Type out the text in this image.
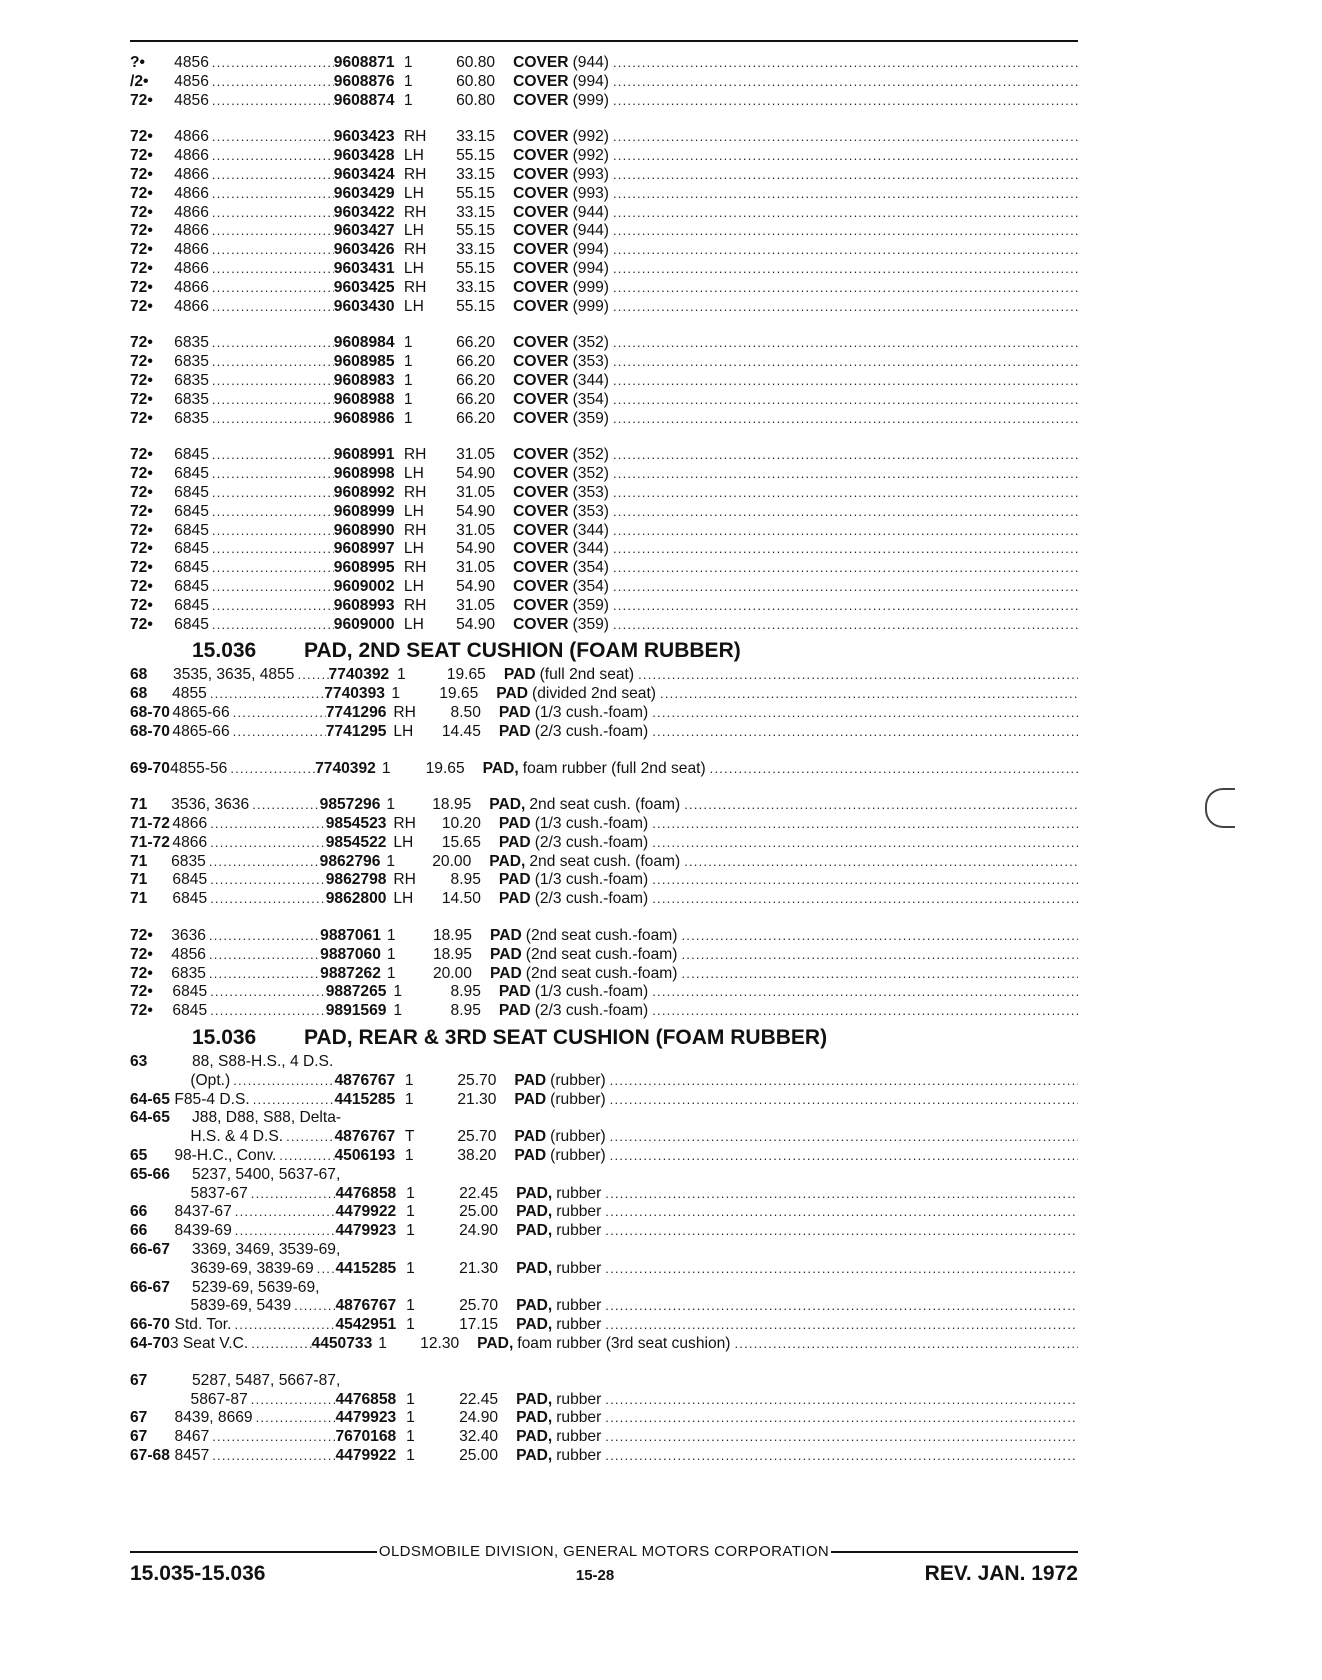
?•	4856 .....	9608871 1	60.80	COVER (944)
.....
/2•	4856 .....	9608876 1	60.80	COVER (994)
.....
72•	4856 .....	9608874 1	60.80	COVER (999)
.....
72•	4866 .....	9603423 RH	33.15	COVER (992)
.....
72•	4866 .....	9603428 LH	55.15	COVER (992)
.....
72•	4866 .....	9603424 RH	33.15	COVER (993)
.....
72•	4866 .....	9603429 LH	55.15	COVER (993)
.....
72•	4866 .....	9603422 RH	33.15	COVER (944)
.....
72•	4866 .....	9603427 LH	55.15	COVER (944)
.....
72•	4866 .....	9603426 RH	33.15	COVER (994)
.....
72•	4866 .....	9603431 LH	55.15	COVER (994)
.....
72•	4866 .....	9603425 RH	33.15	COVER (999)
.....
72•	4866 .....	9603430 LH	55.15	COVER (999)
.....
72•	6835 .....	9608984 1	66.20	COVER (352)
.....
72•	6835 .....	9608985 1	66.20	COVER (353)
.....
72•	6835 .....	9608983 1	66.20	COVER (344)
.....
72•	6835 .....	9608988 1	66.20	COVER (354)
.....
72•	6835 .....	9608986 1	66.20	COVER (359)
.....
72•	6845 .....	9608991 RH	31.05	COVER (352)
.....
72•	6845 .....	9608998 LH	54.90	COVER (352)
.....
72•	6845 .....	9608992 RH	31.05	COVER (353)
.....
72•	6845 .....	9608999 LH	54.90	COVER (353)
.....
72•	6845 .....	9608990 RH	31.05	COVER (344)
.....
72•	6845 .....	9608997 LH	54.90	COVER (344)
.....
72•	6845 .....	9608995 RH	31.05	COVER (354)
.....
72•	6845 .....	9609002 LH	54.90	COVER (354)
.....
72•	6845 .....	9608993 RH	31.05	COVER (359)
.....
72•	6845 .....	9609000 LH	54.90	COVER (359)
.....
15.036	PAD, 2ND SEAT CUSHION (FOAM RUBBER)
68	3535, 3635, 4855 ..... 7740392 1	19.65	PAD (full 2nd seat)
.....
68	4855 .....	7740393 1	19.65	PAD (divided 2nd seat)
.....
68-70 4865-66 .....	7741296 RH	8.50	PAD (1/3 cush.-foam)
.....
68-70 4865-66 .....	7741295 LH	14.45	PAD (2/3 cush.-foam)
.....
69-70 4855-56 .....	7740392 1	19.65	PAD, foam rubber (full 2nd seat)
.....
71	3536, 3636 .....	9857296 1	18.95	PAD, 2nd seat cush. (foam)
.....
71-72 4866 .....	9854523 RH	10.20	PAD (1/3 cush.-foam)
.....
71-72 4866 .....	9854522 LH	15.65	PAD (2/3 cush.-foam)
.....
71	6835 .....	9862796 1	20.00	PAD, 2nd seat cush. (foam)
.....
71	6845 .....	9862798 RH	8.95	PAD (1/3 cush.-foam)
.....
71	6845 .....	9862800 LH	14.50	PAD (2/3 cush.-foam)
.....
72•	3636 .....	9887061 1	18.95	PAD (2nd seat cush.-foam)
.....
72•	4856 .....	9887060 1	18.95	PAD (2nd seat cush.-foam)
.....
72•	6835 .....	9887262 1	20.00	PAD (2nd seat cush.-foam)
.....
72•	6845 .....	9887265 1	8.95	PAD (1/3 cush.-foam)
.....
72•	6845 .....	9891569 1	8.95	PAD (2/3 cush.-foam)
.....
15.036	PAD, REAR & 3RD SEAT CUSHION (FOAM RUBBER)
63	88, S88-H.S., 4 D.S.
(Opt.) .....	4876767 1	25.70	PAD (rubber)
.....
64-65 F85-4 D.S. .....	4415285 1	21.30	PAD (rubber)
.....
64-65	J88, D88, S88, Delta-
H.S. & 4 D.S. .....	4876767 T	25.70	PAD (rubber)
.....
65	98-H.C., Conv. .....	4506193 1	38.20	PAD (rubber)
.....
65-66	5237, 5400, 5637-67,
5837-67 .....	4476858 1	22.45	PAD, rubber
.....
66	8437-67 .....	4479922 1	25.00	PAD, rubber
.....
66	8439-69 .....	4479923 1	24.90	PAD, rubber
.....
66-67	3369, 3469, 3539-69,
3639-69, 3839-69 ..... 4415285 1	21.30	PAD, rubber
.....
66-67	5239-69, 5639-69,
5839-69, 5439 .....	4876767 1	25.70	PAD, rubber
.....
66-70 Std. Tor. .....	4542951 1	17.15	PAD, rubber
.....
64-70 3 Seat V.C. .....	4450733 1	12.30	PAD, foam rubber (3rd seat cushion)
.....
67	5287, 5487, 5667-87,
5867-87 .....	4476858 1	22.45	PAD, rubber
.....
67	8439, 8669 .....	4479923 1	24.90	PAD, rubber
.....
67	8467 .....	7670168 1	32.40	PAD, rubber
.....
67-68 8457 .....	4479922 1	25.00	PAD, rubber
.....
OLDSMOBILE DIVISION, GENERAL MOTORS CORPORATION
15.035-15.036	15-28	REV. JAN. 1972
